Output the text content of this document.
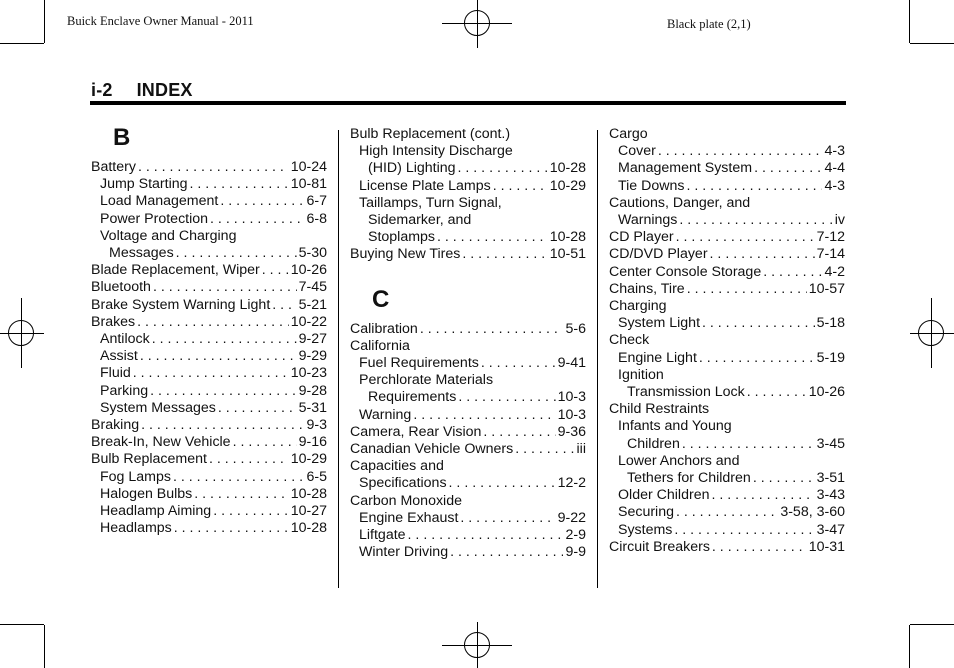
Buick Enclave Owner Manual - 2011	Black plate (2,1)
i-2 INDEX
B
Battery . . .	10-24
Jump Starting . . .	10-81
Load Management . . .	6-7
Power Protection . . .	6-8
Voltage and Charging
Messages . . .	5-30
Blade Replacement, Wiper . . . 10-26
Bluetooth . . .	7-45
Brake System Warning Light . . . 5-21
Brakes . . .	10-22
Antilock . . .	9-27
Assist . . .	9-29
Fluid . . .	10-23
Parking . . .	9-28
System Messages . . .	5-31
Braking . . .	9-3
Break-In, New Vehicle . . .	9-16
Bulb Replacement . . .	10-29
Fog Lamps . . .	6-5
Halogen Bulbs . . .	10-28
Headlamp Aiming . . .	10-27
Headlamps . . .	10-28
Bulb Replacement (cont.)
High Intensity Discharge
(HID) Lighting . . .	10-28
License Plate Lamps . . .	10-29
Taillamps, Turn Signal,
Sidemarker, and
Stoplamps . . .	10-28
Buying New Tires . . .	10-51
C
Calibration . . .	5-6
California
Fuel Requirements . . .	9-41
Perchlorate Materials
Requirements . . .	10-3
Warning . . .	10-3
Camera, Rear Vision . . .	9-36
Canadian Vehicle Owners . . .	iii
Capacities and
Specifications . . .	12-2
Carbon Monoxide
Engine Exhaust . . .	9-22
Liftgate . . .	2-9
Winter Driving . . .	9-9
Cargo
Cover . . .	4-3
Management System . . .	4-4
Tie Downs . . .	4-3
Cautions, Danger, and
Warnings . . .	iv
CD Player . . .	7-12
CD/DVD Player . . .	7-14
Center Console Storage . . .	4-2
Chains, Tire . . .	10-57
Charging
System Light . . .	5-18
Check
Engine Light . . .	5-19
Ignition
Transmission Lock . . .	10-26
Child Restraints
Infants and Young
Children . . .	3-45
Lower Anchors and
Tethers for Children . . .	3-51
Older Children . . .	3-43
Securing . . .	3-58, 3-60
Systems . . .	3-47
Circuit Breakers . . .	10-31
